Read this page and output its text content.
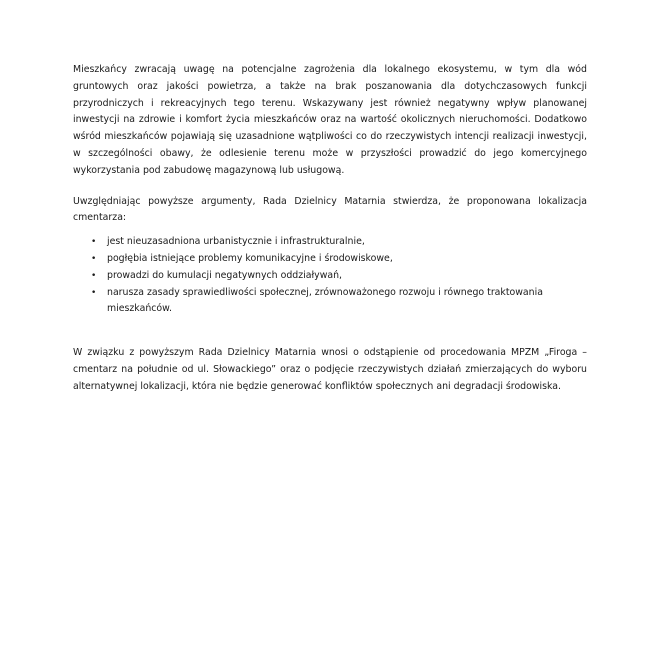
Mieszkańcy zwracają uwagę na potencjalne zagrożenia dla lokalnego ekosystemu, w tym dla wód gruntowych oraz jakości powietrza, a także na brak poszanowania dla dotychczasowych funkcji przyrodniczych i rekreacyjnych tego terenu. Wskazywany jest również negatywny wpływ planowanej inwestycji na zdrowie i komfort życia mieszkańców oraz na wartość okolicznych nieruchomości. Dodatkowo wśród mieszkańców pojawiają się uzasadnione wątpliwości co do rzeczywistych intencji realizacji inwestycji, w szczególności obawy, że odlesienie terenu może w przyszłości prowadzić do jego komercyjnego wykorzystania pod zabudowę magazynową lub usługową.

Uwzględniając powyższe argumenty, Rada Dzielnicy Matarnia stwierdza, że proponowana lokalizacja cmentarza:

• jest nieuzasadniona urbanistycznie i infrastrukturalnie,
• pogłębia istniejące problemy komunikacyjne i środowiskowe,
• prowadzi do kumulacji negatywnych oddziaływań,
• narusza zasady sprawiedliwości społecznej, zrównoważonego rozwoju i równego traktowania mieszkańców.

W związku z powyższym Rada Dzielnicy Matarnia wnosi o odstąpienie od procedowania MPZM „Firoga – cmentarz na południe od ul. Słowackiego” oraz o podjęcie rzeczywistych działań zmierzających do wyboru alternatywnej lokalizacji, która nie będzie generować konfliktów społecznych ani degradacji środowiska.
